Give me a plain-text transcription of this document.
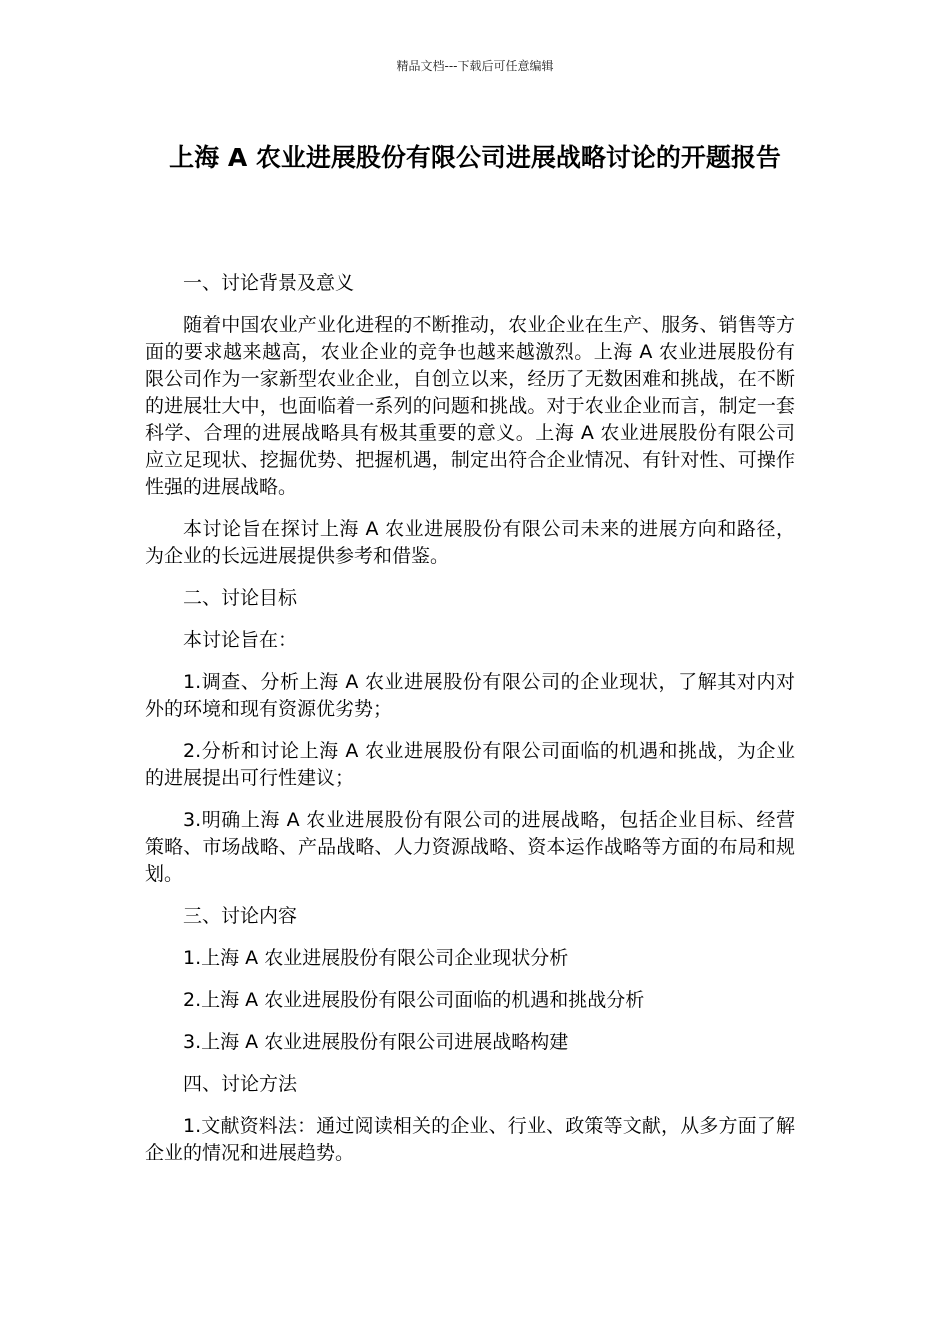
精品文档---下载后可任意编辑
上海 A 农业进展股份有限公司进展战略讨论的开题报告

一、讨论背景及意义

随着中国农业产业化进程的不断推动，农业企业在生产、服务、销售等方面的要求越来越高，农业企业的竞争也越来越激烈。上海 A 农业进展股份有限公司作为一家新型农业企业，自创立以来，经历了无数困难和挑战，在不断的进展壮大中，也面临着一系列的问题和挑战。对于农业企业而言，制定一套科学、合理的进展战略具有极其重要的意义。上海 A 农业进展股份有限公司应立足现状、挖掘优势、把握机遇，制定出符合企业情况、有针对性、可操作性强的进展战略。

本讨论旨在探讨上海 A 农业进展股份有限公司未来的进展方向和路径，为企业的长远进展提供参考和借鉴。

二、讨论目标

本讨论旨在：

1.调查、分析上海 A 农业进展股份有限公司的企业现状，了解其对内对外的环境和现有资源优劣势；

2.分析和讨论上海 A 农业进展股份有限公司面临的机遇和挑战，为企业的进展提出可行性建议；

3.明确上海 A 农业进展股份有限公司的进展战略，包括企业目标、经营策略、市场战略、产品战略、人力资源战略、资本运作战略等方面的布局和规划。

三、讨论内容

1.上海 A 农业进展股份有限公司企业现状分析

2.上海 A 农业进展股份有限公司面临的机遇和挑战分析

3.上海 A 农业进展股份有限公司进展战略构建

四、讨论方法

1.文献资料法：通过阅读相关的企业、行业、政策等文献，从多方面了解企业的情况和进展趋势。
